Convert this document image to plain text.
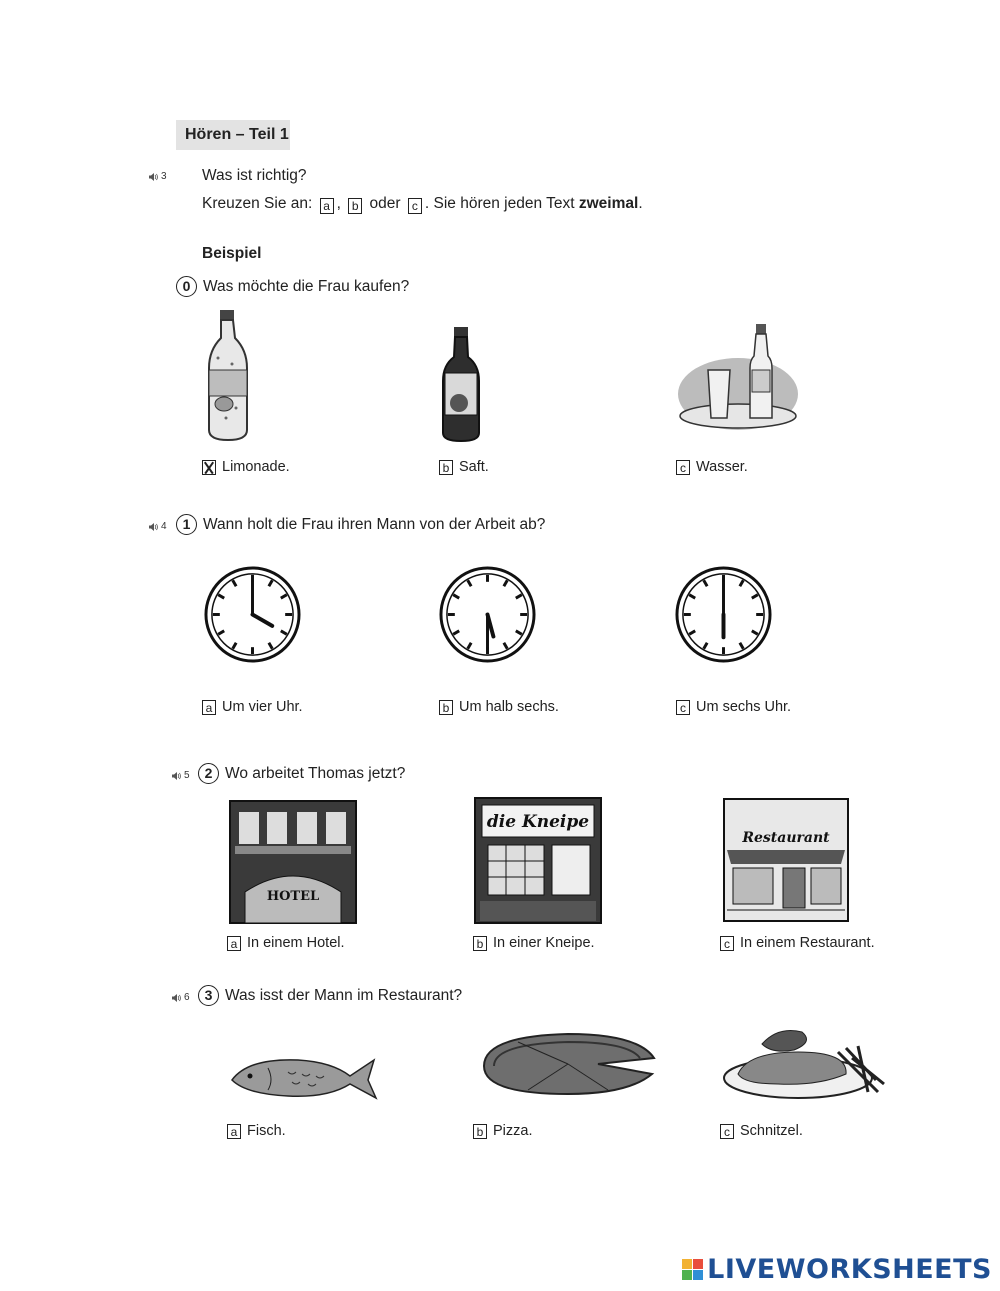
Hören – Teil 1
3 Was ist richtig?
Kreuzen Sie an: a , b oder c . Sie hören jeden Text zweimal.
Beispiel
0 Was möchte die Frau kaufen?
Limonade.	b Saft.	c Wasser.
4	1 Wann holt die Frau ihren Mann von der Arbeit ab?
a Um vier Uhr.	b Um halb sechs.	c Um sechs Uhr.
5	2 Wo arbeitet Thomas jetzt?
HOTEL
die Kneipe
Restaurant
a In einem Hotel.	b In einer Kneipe.	c In einem Restaurant.
6	3 Was isst der Mann im Restaurant?
a Fisch.	b Pizza.	c Schnitzel.
LIVEWORKSHEETS
